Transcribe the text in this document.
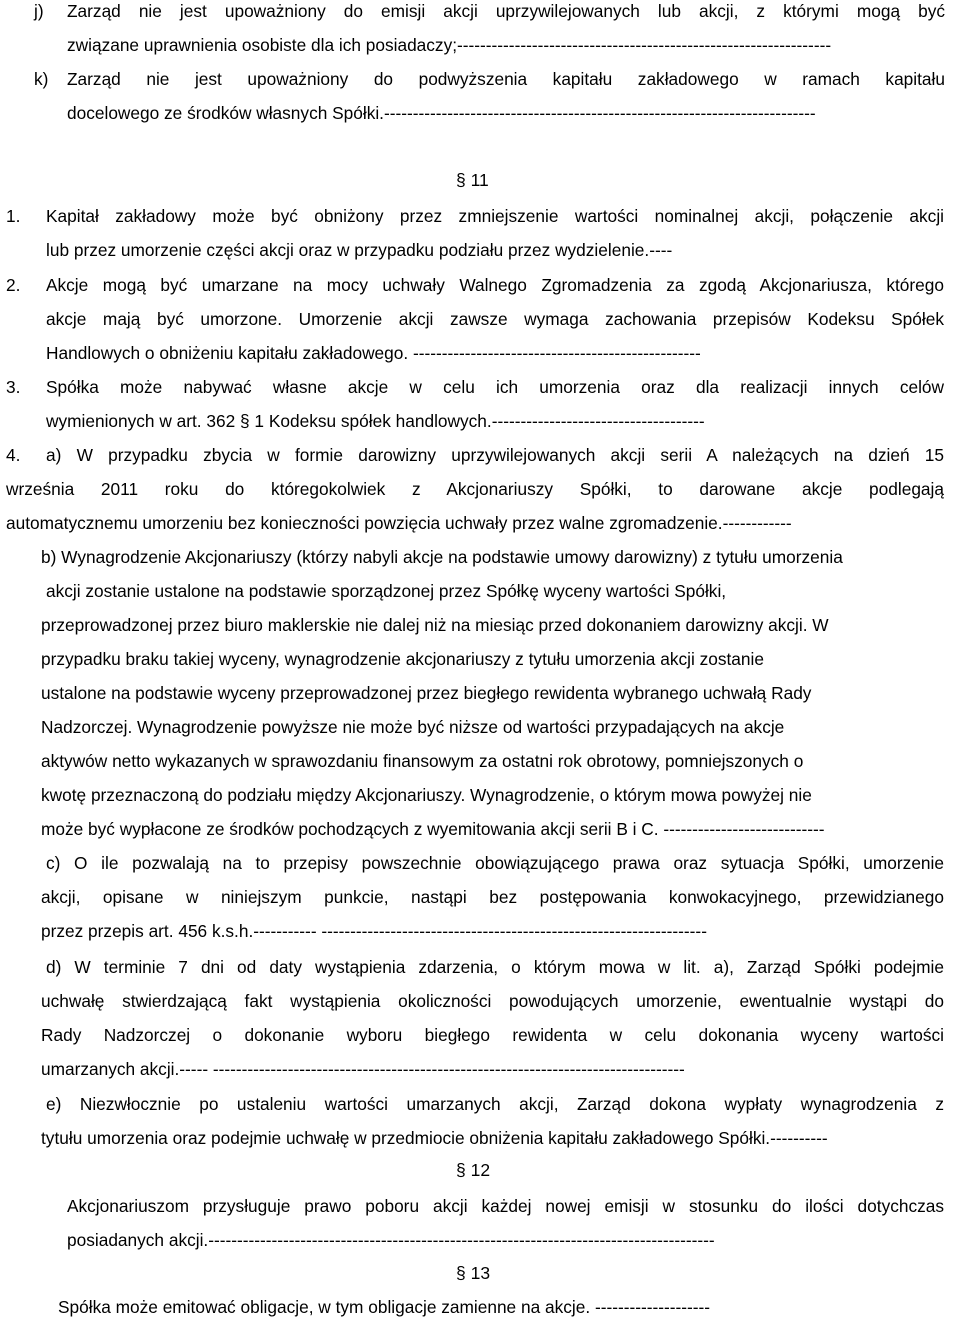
j) Zarząd nie jest upoważniony do emisji akcji uprzywilejowanych lub akcji, z którymi mogą być
związane uprawnienia osobiste dla ich posiadaczy;-----------------------------------------------------------------
k) Zarząd nie jest upoważniony do podwyższenia kapitału zakładowego w ramach kapitału
docelowego ze środków własnych Spółki.---------------------------------------------------------------------------
§ 11
1. Kapitał zakładowy może być obniżony przez zmniejszenie wartości nominalnej akcji, połączenie akcji
lub przez umorzenie części akcji oraz w przypadku podziału przez wydzielenie.----
2. Akcje mogą być umarzane na mocy uchwały Walnego Zgromadzenia za zgodą Akcjonariusza, którego
akcje mają być umorzone. Umorzenie akcji zawsze wymaga zachowania przepisów Kodeksu Spółek
Handlowych o obniżeniu kapitału zakładowego. --------------------------------------------------
3. Spółka może nabywać własne akcje w celu ich umorzenia oraz dla realizacji innych celów
wymienionych w art. 362 § 1 Kodeksu spółek handlowych.-------------------------------------
4. a) W przypadku zbycia w formie darowizny uprzywilejowanych akcji serii A należących na dzień 15
września 2011 roku do któregokolwiek z Akcjonariuszy Spółki, to darowane akcje podlegają
automatycznemu umorzeniu bez konieczności powzięcia uchwały przez walne zgromadzenie.------------
b) Wynagrodzenie Akcjonariuszy (którzy nabyli akcje na podstawie umowy darowizny) z tytułu umorzenia
akcji zostanie ustalone na podstawie sporządzonej przez Spółkę wyceny wartości Spółki,
przeprowadzonej przez biuro maklerskie nie dalej niż na miesiąc przed dokonaniem darowizny akcji. W
przypadku braku takiej wyceny, wynagrodzenie akcjonariuszy z tytułu umorzenia akcji zostanie
ustalone na podstawie wyceny przeprowadzonej przez biegłego rewidenta wybranego uchwałą Rady
Nadzorczej. Wynagrodzenie powyższe nie może być niższe od wartości przypadających na akcje
aktywów netto wykazanych w sprawozdaniu finansowym za ostatni rok obrotowy, pomniejszonych o
kwotę przeznaczoną do podziału między Akcjonariuszy. Wynagrodzenie, o którym mowa powyżej nie
może być wypłacone ze środków pochodzących z wyemitowania akcji serii B i C. ----------------------------
c) O ile pozwalają na to przepisy powszechnie obowiązującego prawa oraz sytuacja Spółki, umorzenie
akcji, opisane w niniejszym punkcie, nastąpi bez postępowania konwokacyjnego, przewidzianego
przez przepis art. 456 k.s.h.----------- -------------------------------------------------------------------
d) W terminie 7 dni od daty wystąpienia zdarzenia, o którym mowa w lit. a), Zarząd Spółki podejmie
uchwałę stwierdzającą fakt wystąpienia okoliczności powodujących umorzenie, ewentualnie wystąpi do
Rady Nadzorczej o dokonanie wyboru biegłego rewidenta w celu dokonania wyceny wartości
umarzanych akcji.----- ----------------------------------------------------------------------------------
e) Niezwłocznie po ustaleniu wartości umarzanych akcji, Zarząd dokona wypłaty wynagrodzenia z
tytułu umorzenia oraz podejmie uchwałę w przedmiocie obniżenia kapitału zakładowego Spółki.----------
§ 12
Akcjonariuszom przysługuje prawo poboru akcji każdej nowej emisji w stosunku do ilości dotychczas
posiadanych akcji.----------------------------------------------------------------------------------------
§ 13
Spółka może emitować obligacje, w tym obligacje zamienne na akcje. --------------------
